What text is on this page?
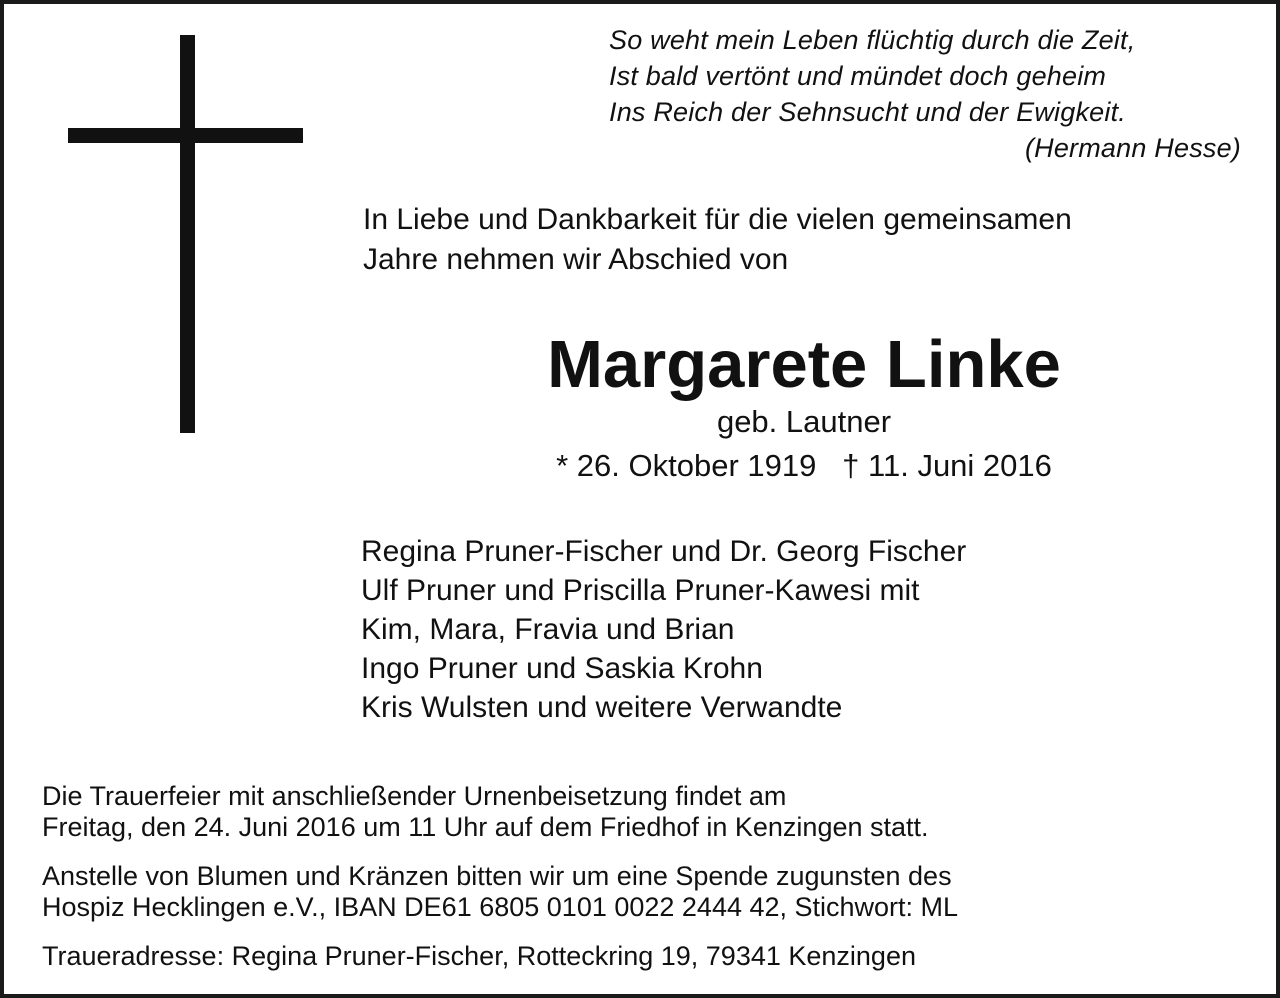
So weht mein Leben flüchtig durch die Zeit,
Ist bald vertönt und mündet doch geheim
Ins Reich der Sehnsucht und der Ewigkeit.
(Hermann Hesse)
In Liebe und Dankbarkeit für die vielen gemeinsamen
Jahre nehmen wir Abschied von
Margarete Linke
geb. Lautner
* 26. Oktober 1919   † 11. Juni 2016
Regina Pruner-Fischer und Dr. Georg Fischer
Ulf Pruner und Priscilla Pruner-Kawesi mit
Kim, Mara, Fravia und Brian
Ingo Pruner und Saskia Krohn
Kris Wulsten und weitere Verwandte
Die Trauerfeier mit anschließender Urnenbeisetzung findet am
Freitag, den 24. Juni 2016 um 11 Uhr auf dem Friedhof in Kenzingen statt.
Anstelle von Blumen und Kränzen bitten wir um eine Spende zugunsten des
Hospiz Hecklingen e.V., IBAN DE61 6805 0101 0022 2444 42, Stichwort: ML
Traueradresse: Regina Pruner-Fischer, Rotteckring 19, 79341 Kenzingen
